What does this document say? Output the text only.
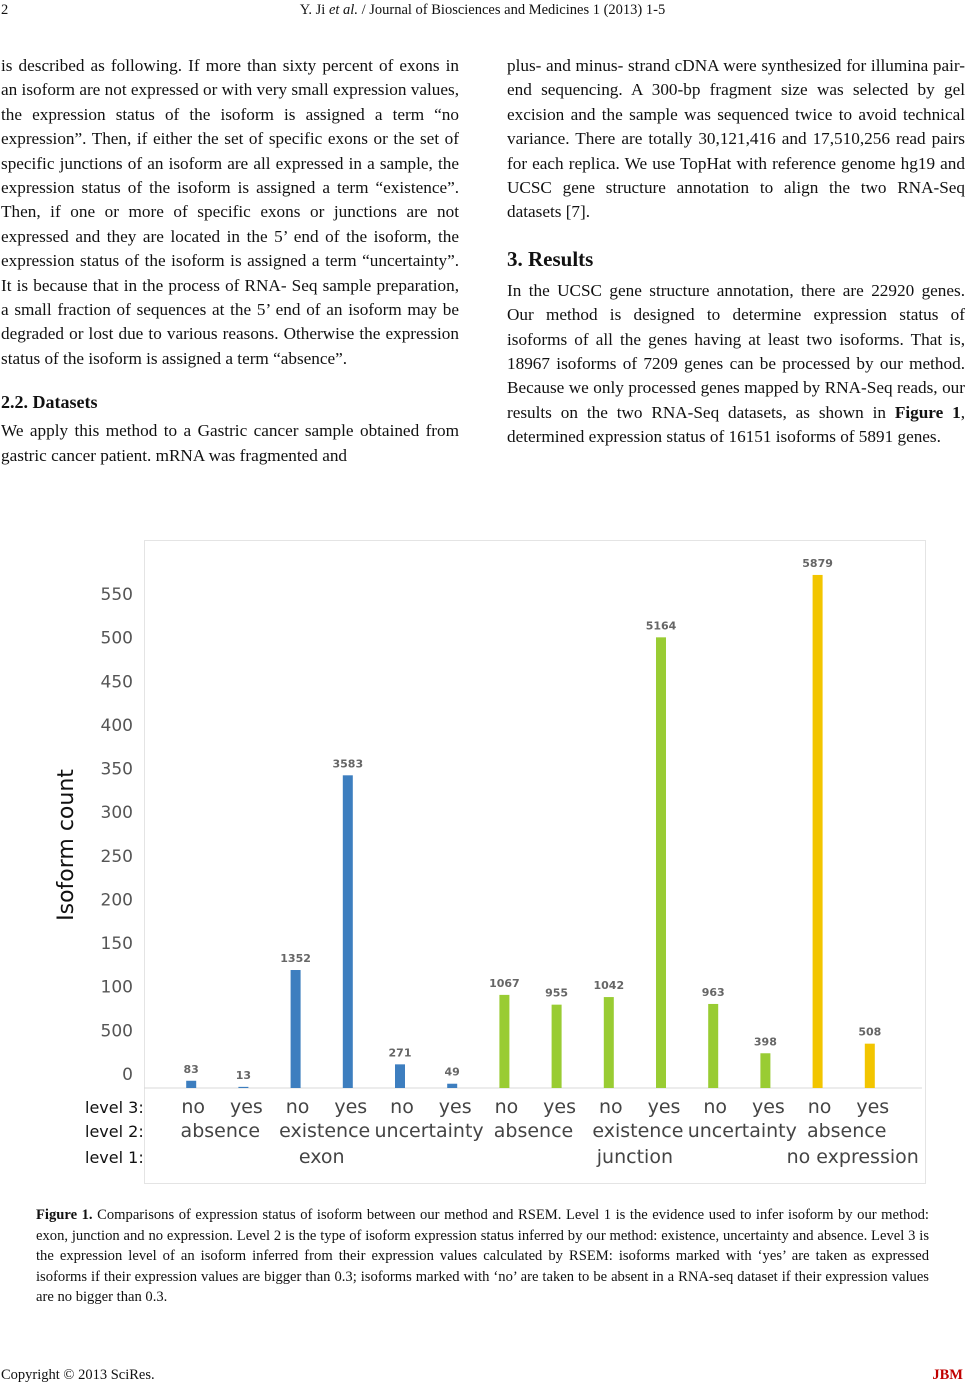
2	Y. Ji et al. / Journal of Biosciences and Medicines 1 (2013) 1-5

is described as following. If more than sixty percent of exons in an isoform are not expressed or with very small expression values, the expression status of the isoform is assigned a term “no expression”. Then, if either the set of specific exons or the set of specific junctions of an isoform are all expressed in a sample, the expression status of the isoform is assigned a term “existence”. Then, if one or more of specific exons or junctions are not expressed and they are located in the 5’ end of the isoform, the expression status of the isoform is assigned a term “uncertainty”. It is because that in the process of RNA- Seq sample preparation, a small fraction of sequences at the 5’ end of an isoform may be degraded or lost due to various reasons. Otherwise the expression status of the isoform is assigned a term “absence”.

2.2. Datasets

We apply this method to a Gastric cancer sample obtained from gastric cancer patient. mRNA was fragmented and

plus- and minus- strand cDNA were synthesized for illumina pair-end sequencing. A 300-bp fragment size was selected by gel excision and the sample was sequenced twice to avoid technical variance. There are totally 30,121,416 and 17,510,256 read pairs for each replica. We use TopHat with reference genome hg19 and UCSC gene structure annotation to align the two RNA-Seq datasets [7].

3. Results

In the UCSC gene structure annotation, there are 22920 genes. Our method is designed to determine expression status of isoforms of all the genes having at least two isoforms. That is, 18967 isoforms of 7209 genes can be processed by our method. Because we only processed genes mapped by RNA-Seq reads, our results on the two RNA-Seq datasets, as shown in Figure 1, determined expression status of 16151 isoforms of 5891 genes.

0
500
100
150
200
250
300
350
400
450
500
550
Isoform count
83	13
1352
3583
271
49
1067
955
1042
5164
963
398
5879
508
level 3:
level 2:
level 1:
no yes no yes no yes no yes no yes no yes no yes
absence existence uncertainty absence existence uncertainty absence
exon	junction	no expression
Figure 1. Comparisons of expression status of isoform between our method and RSEM. Level 1 is the evidence used to infer isoform by our method: exon, junction and no expression. Level 2 is the type of isoform expression status inferred by our method: existence, uncertainty and absence. Level 3 is the expression level of an isoform inferred from their expression values calculated by RSEM: isoforms marked with ‘yes’ are taken as expressed isoforms if their expression values are bigger than 0.3; isoforms marked with ‘no’ are taken to be absent in a RNA-seq dataset if their expression values are no bigger than 0.3.
Copyright © 2013 SciRes.	JBM
